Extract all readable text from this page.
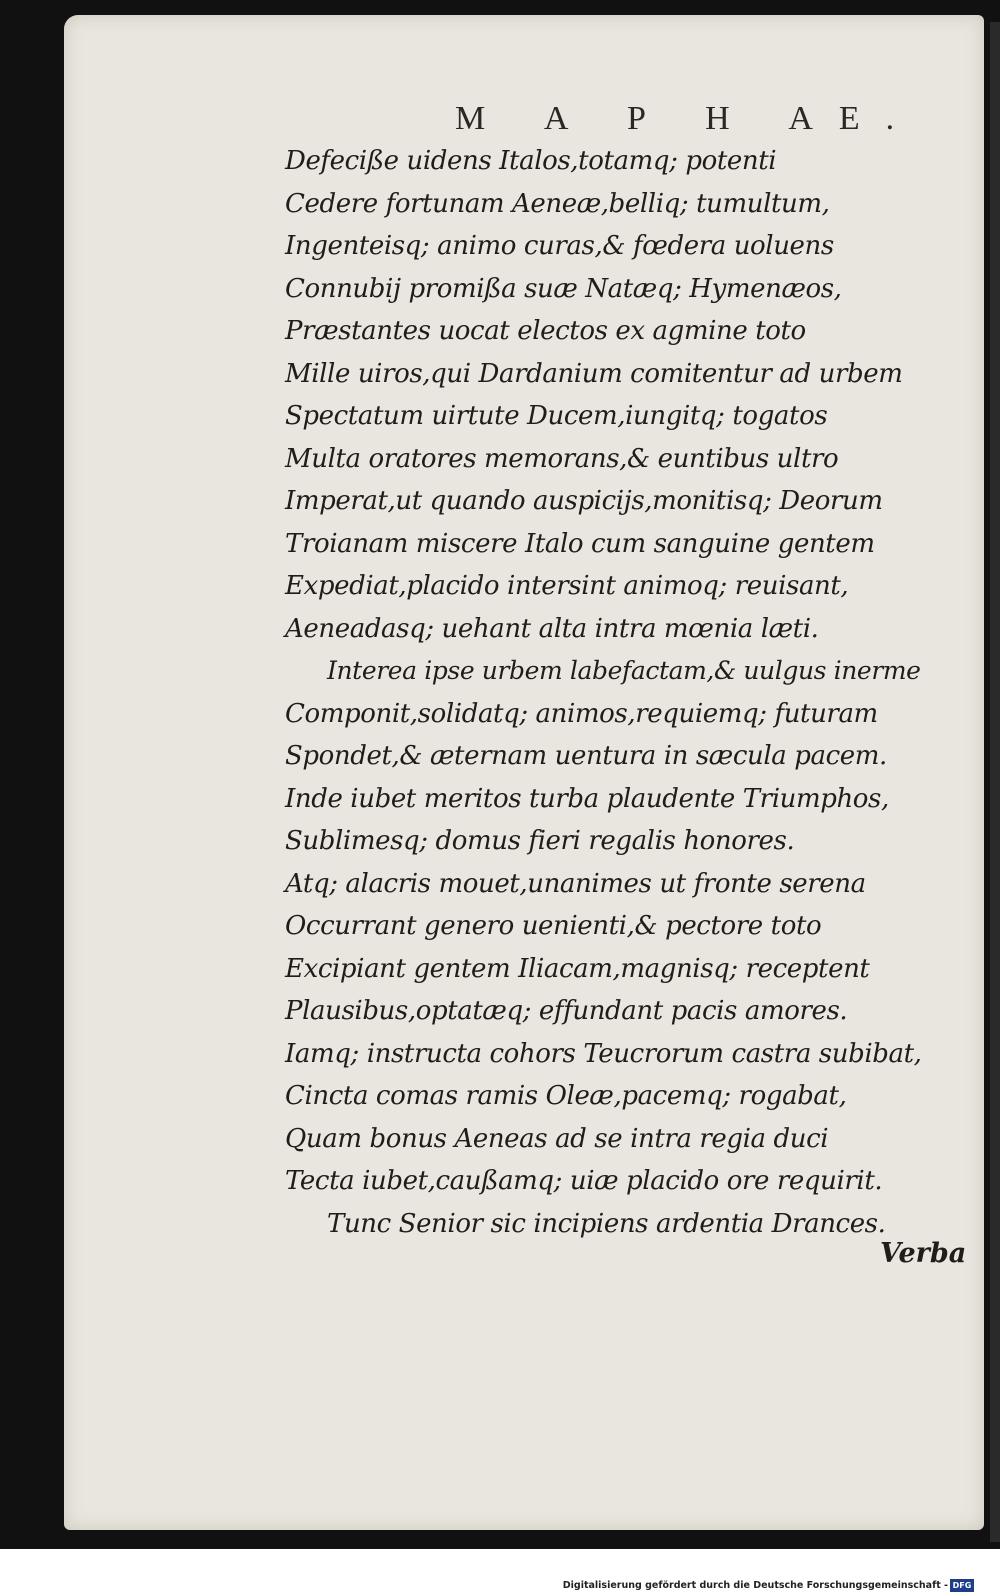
M A P H AE.
Defeciße uidens Italos,totamq; potenti
Cedere fortunam Aeneæ,belliq; tumultum,
Ingenteisq; animo curas,& fœdera uoluens
Connubij promißa suæ Natæq; Hymenæos,
Præstantes uocat electos ex agmine toto
Mille uiros,qui Dardanium comitentur ad urbem
Spectatum uirtute Ducem,iungitq; togatos
Multa oratores memorans,& euntibus ultro
Imperat,ut quando auspicijs,monitisq; Deorum
Troianam miscere Italo cum sanguine gentem
Expediat,placido intersint animoq; reuisant,
Aeneadasq; uehant alta intra mœnia læti.
Interea ipse urbem labefactam,& uulgus inerme
Componit,solidatq; animos,requiemq; futuram
Spondet,& æternam uentura in sæcula pacem.
Inde iubet meritos turba plaudente Triumphos,
Sublimesq; domus fieri regalis honores.
Atq; alacris mouet,unanimes ut fronte serena
Occurrant genero uenienti,& pectore toto
Excipiant gentem Iliacam,magnisq; receptent
Plausibus,optatæq; effundant pacis amores.
Iamq; instructa cohors Teucrorum castra subibat,
Cincta comas ramis Oleæ,pacemq; rogabat,
Quam bonus Aeneas ad se intra regia duci
Tecta iubet,caußamq; uiæ placido ore requirit.
Tunc Senior sic incipiens ardentia Drances.
Verba
Digitalisierung gefördert durch die Deutsche Forschungsgemeinschaft - DFG
